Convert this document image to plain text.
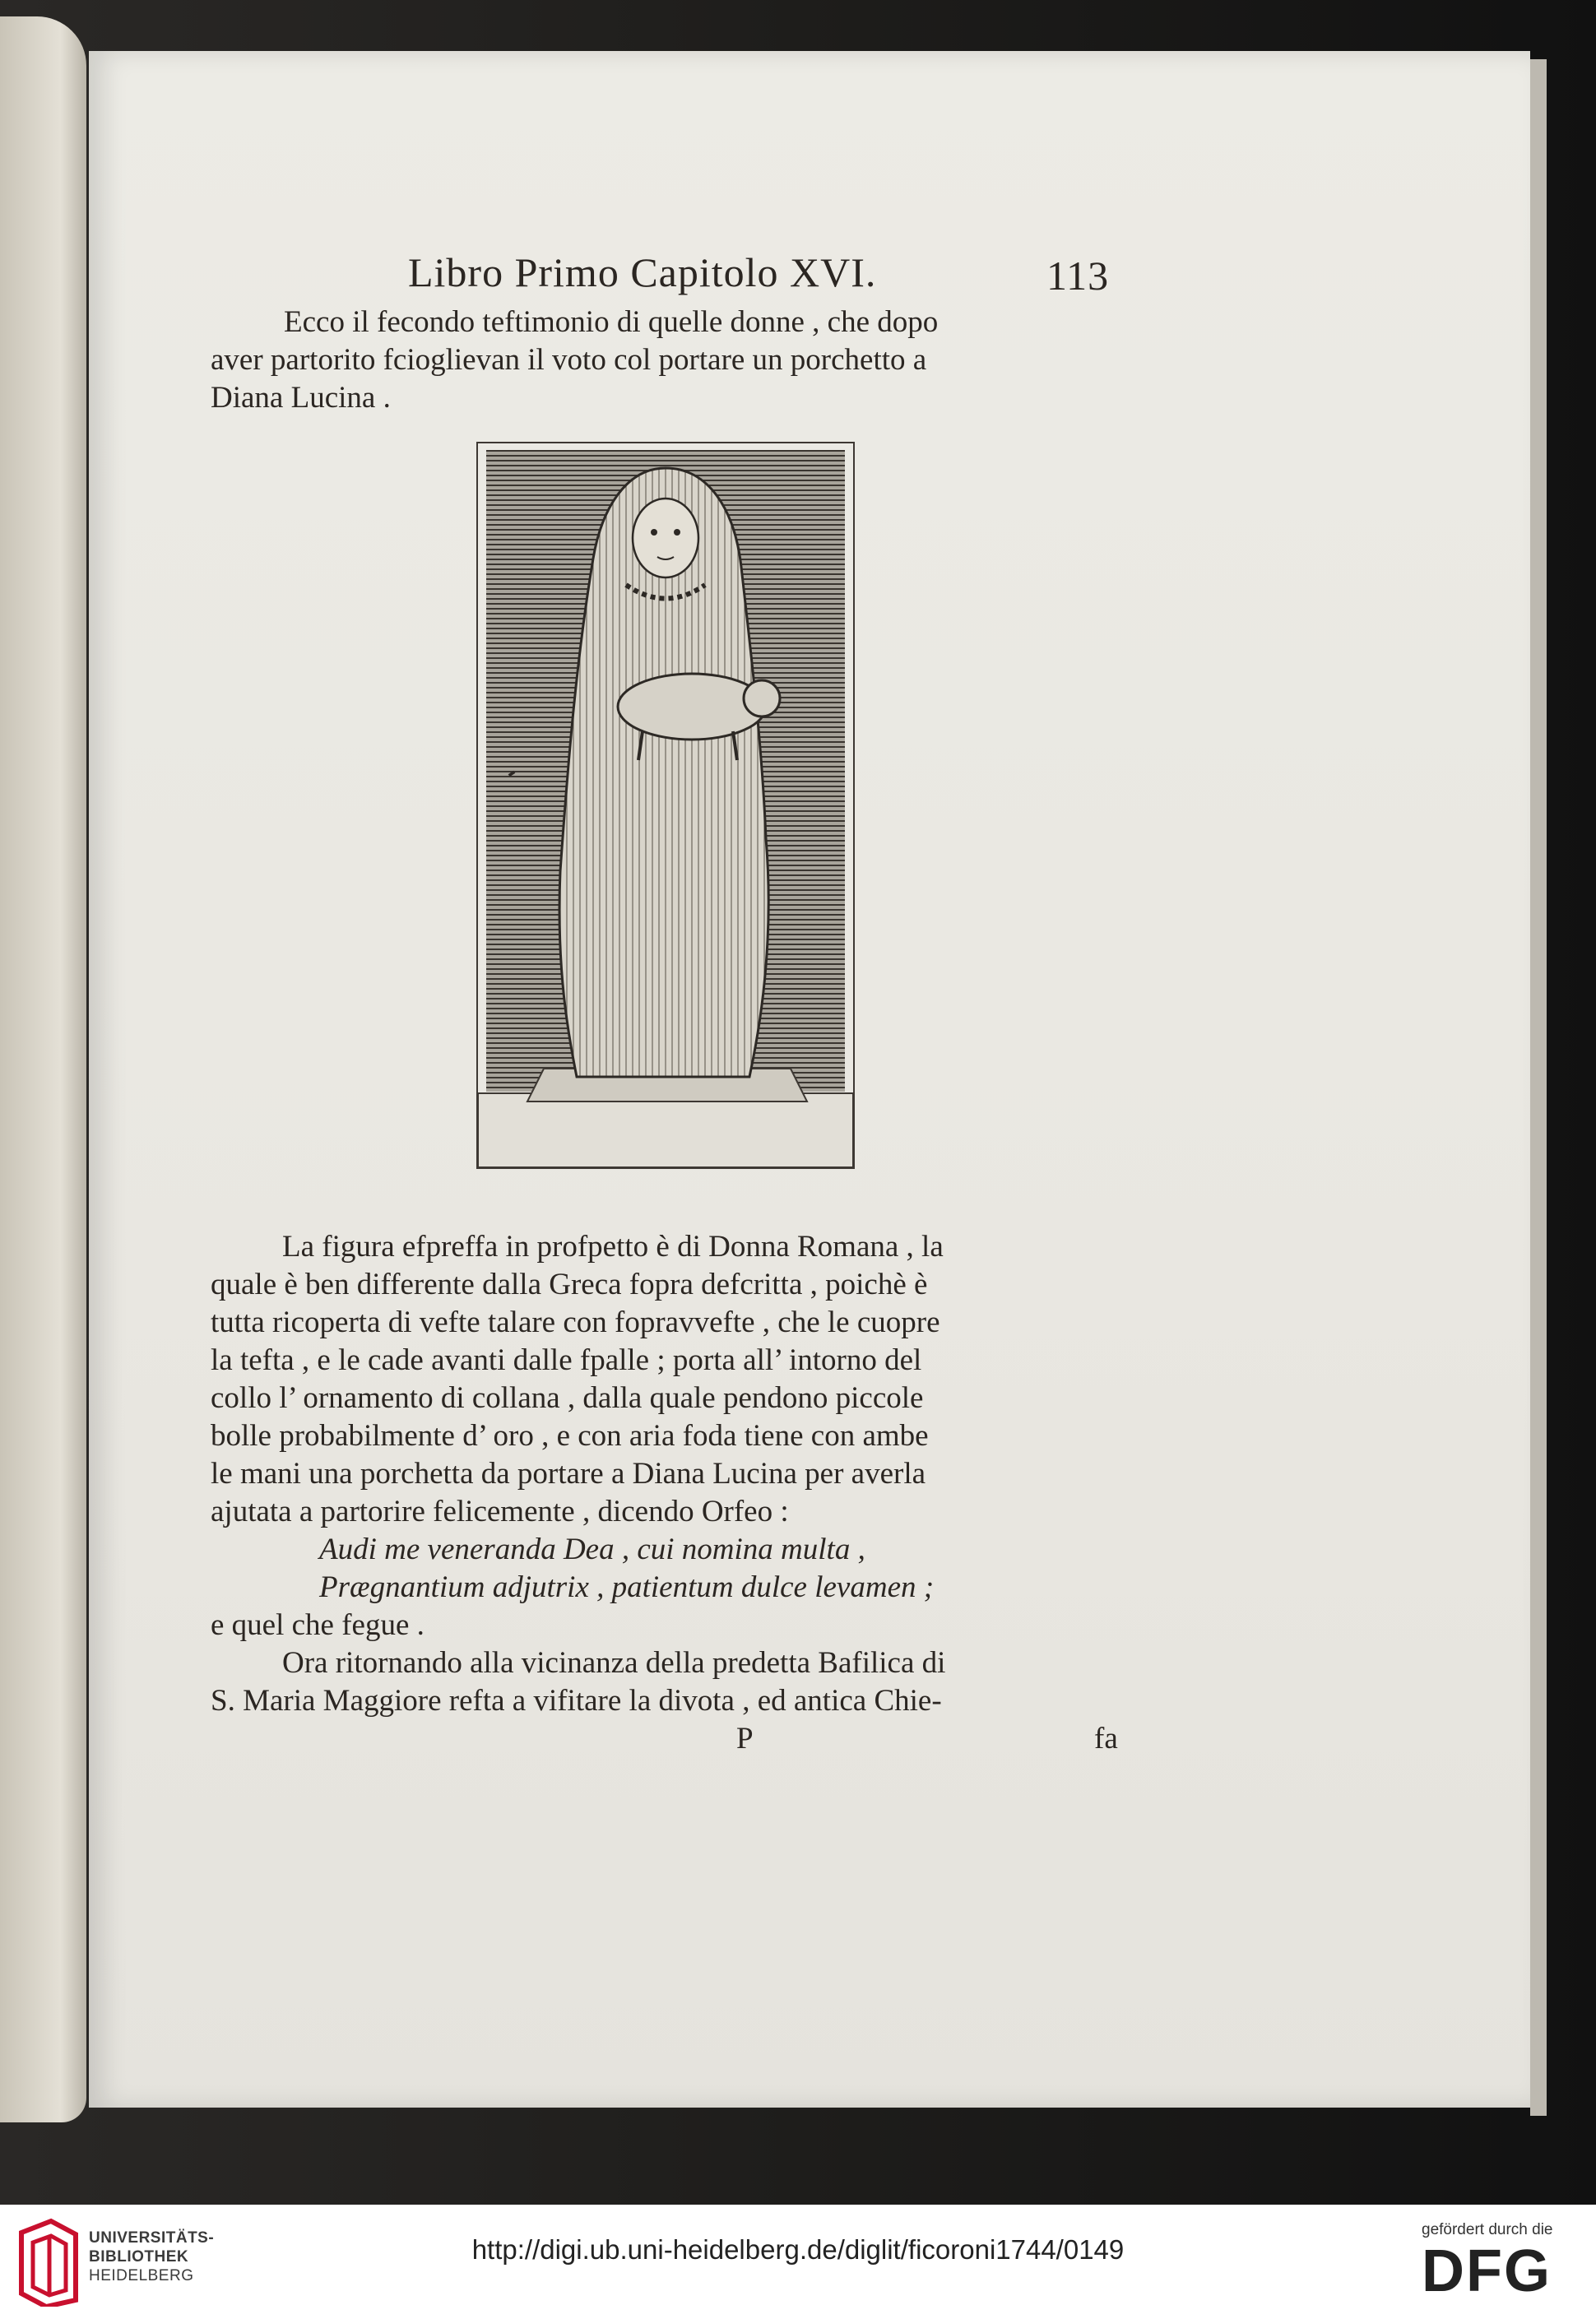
Libro Primo Capitolo XVI.	113
Ecco il fecondo teftimonio di quelle donne , che dopo
aver partorito fcioglievan il voto col portare un porchetto a
Diana Lucina .
La figura efpreffa in profpetto è di Donna Romana , la
quale è ben differente dalla Greca fopra defcritta , poichè è
tutta ricoperta di vefte talare con fopravvefte , che le cuopre
la tefta , e le cade avanti dalle fpalle ; porta all’ intorno del
collo l’ ornamento di collana , dalla quale pendono piccole
bolle probabilmente d’ oro , e con aria foda tiene con ambe
le mani una porchetta da portare a Diana Lucina per averla
ajutata a partorire felicemente , dicendo Orfeo :
Audi me veneranda Dea , cui nomina multa ,
Prægnantium adjutrix , patientum dulce levamen ;
e quel che fegue .
Ora ritornando alla vicinanza della predetta Bafilica di
S. Maria Maggiore refta a vifitare la divota , ed antica Chie-
P	fa
UNIVERSITÄTS-
BIBLIOTHEK
HEIDELBERG
http://digi.ub.uni-heidelberg.de/diglit/ficoroni1744/0149
gefördert durch die
DFG
